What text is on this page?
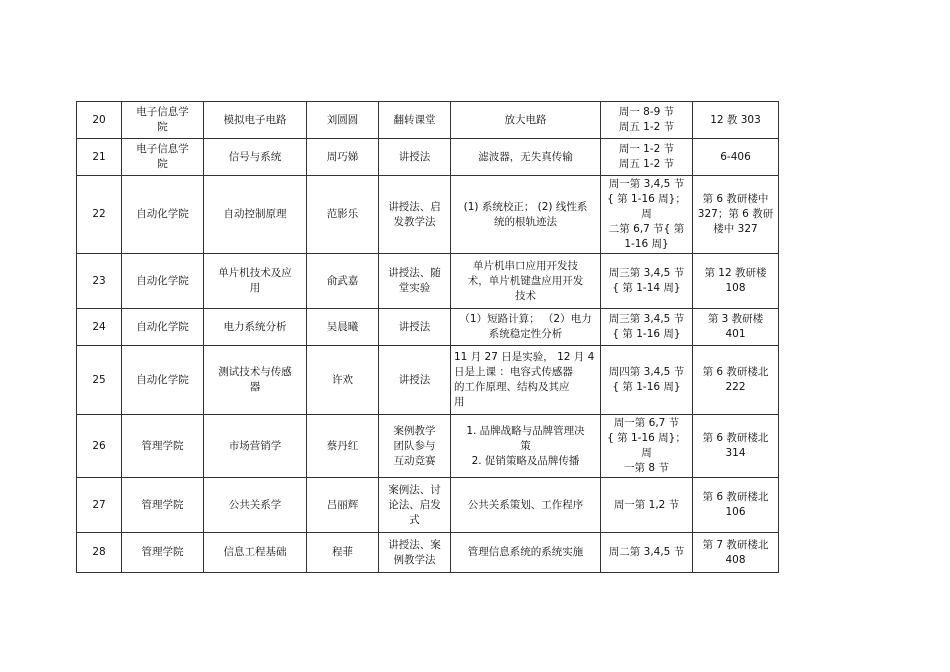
20	电子信息学
院	模拟电子电路	刘圆圆	翻转课堂	放大电路	周一 8-9 节
周五 1-2 节	12 教 303
21	电子信息学
院	信号与系统	周巧娣	讲授法	滤波器，无失真传输	周一 1-2 节
周五 1-2 节	6-406
22	自动化学院	自动控制原理	范影乐	讲授法、启
发教学法	(1) 系统校正； (2) 线性系
统的根轨迹法	周一第 3,4,5 节
{ 第 1-16 周}；周
二第 6,7 节{ 第
1-16 周}	第 6 教研楼中
327；第 6 教研
楼中 327
23	自动化学院	单片机技术及应
用	俞武嘉	讲授法、随
堂实验	单片机串口应用开发技
术，单片机键盘应用开发
技术	周三第 3,4,5 节
{ 第 1-14 周}	第 12 教研楼
108
24	自动化学院	电力系统分析	吴晨曦	讲授法	（1）短路计算； （2）电力
系统稳定性分析	周三第 3,4,5 节
{ 第 1-16 周}	第 3 教研楼
401
25	自动化学院	测试技术与传感
器	许欢	讲授法	11 月 27 日是实验， 12 月 4
日是上课 ：电容式传感器
的工作原理、结构及其应
用	周四第 3,4,5 节
{ 第 1-16 周}	第 6 教研楼北
222
26	管理学院	市场营销学	蔡丹红	案例教学
团队参与
互动竞赛	1. 品牌战略与品牌管理决
策
2. 促销策略及品牌传播	周一第 6,7 节
{ 第 1-16 周}；周
一第 8 节	第 6 教研楼北
314
27	管理学院	公共关系学	吕丽辉	案例法、讨
论法、启发
式	公共关系策划、工作程序	周一第 1,2 节	第 6 教研楼北
106
28	管理学院	信息工程基础	程菲	讲授法、案
例教学法	管理信息系统的系统实施	周二第 3,4,5 节	第 7 教研楼北
408
